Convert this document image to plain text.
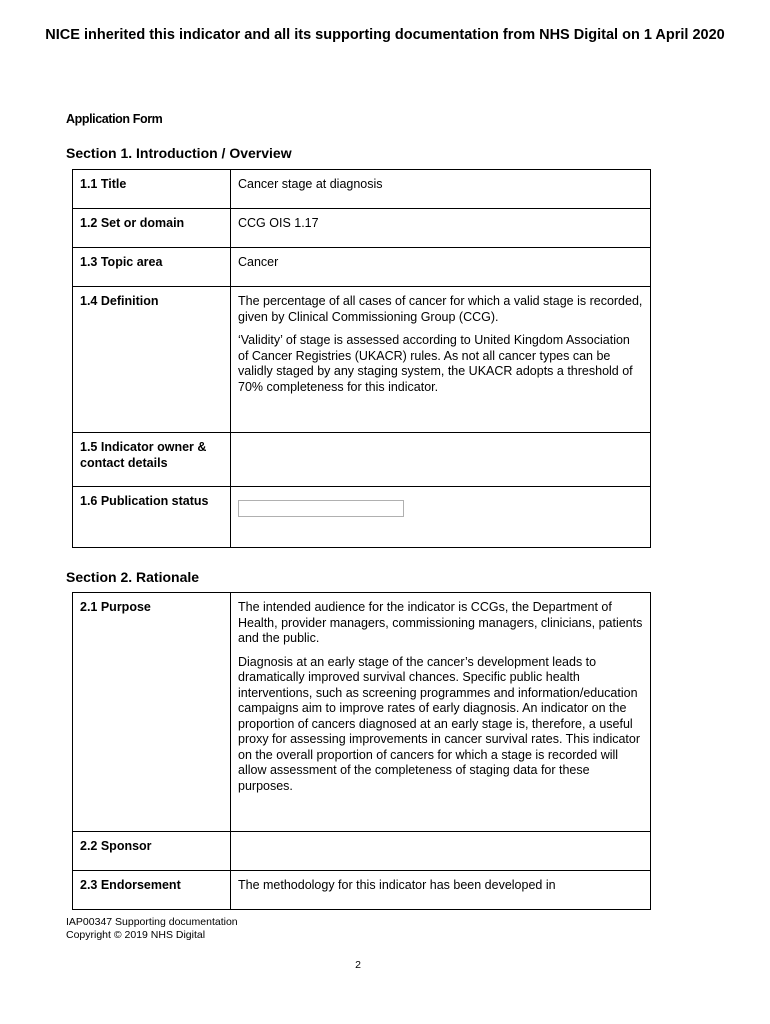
NICE inherited this indicator and all its supporting documentation from NHS Digital on 1 April 2020
Application Form
Section 1. Introduction / Overview
1.1 Title	Cancer stage at diagnosis

1.2 Set or domain	CCG OIS 1.17

1.3 Topic area	Cancer

1.4 Definition	The percentage of all cases of cancer for which a valid stage is recorded, given by Clinical Commissioning Group (CCG).

‘Validity’ of stage is assessed according to United Kingdom Association of Cancer Registries (UKACR) rules. As not all cancer types can be validly staged by any staging system, the UKACR adopts a threshold of 70% completeness for this indicator.

1.5 Indicator owner & contact details	

1.6 Publication status	

Section 2. Rationale
2.1 Purpose	The intended audience for the indicator is CCGs, the Department of Health, provider managers, commissioning managers, clinicians, patients and the public.

Diagnosis at an early stage of the cancer’s development leads to dramatically improved survival chances. Specific public health interventions, such as screening programmes and information/education campaigns aim to improve rates of early diagnosis. An indicator on the proportion of cancers diagnosed at an early stage is, therefore, a useful proxy for assessing improvements in cancer survival rates. This indicator on the overall proportion of cancers for which a stage is recorded will allow assessment of the completeness of staging data for these purposes.

2.2 Sponsor	

2.3 Endorsement	The methodology for this indicator has been developed in

IAP00347 Supporting documentation
Copyright © 2019 NHS Digital
2
